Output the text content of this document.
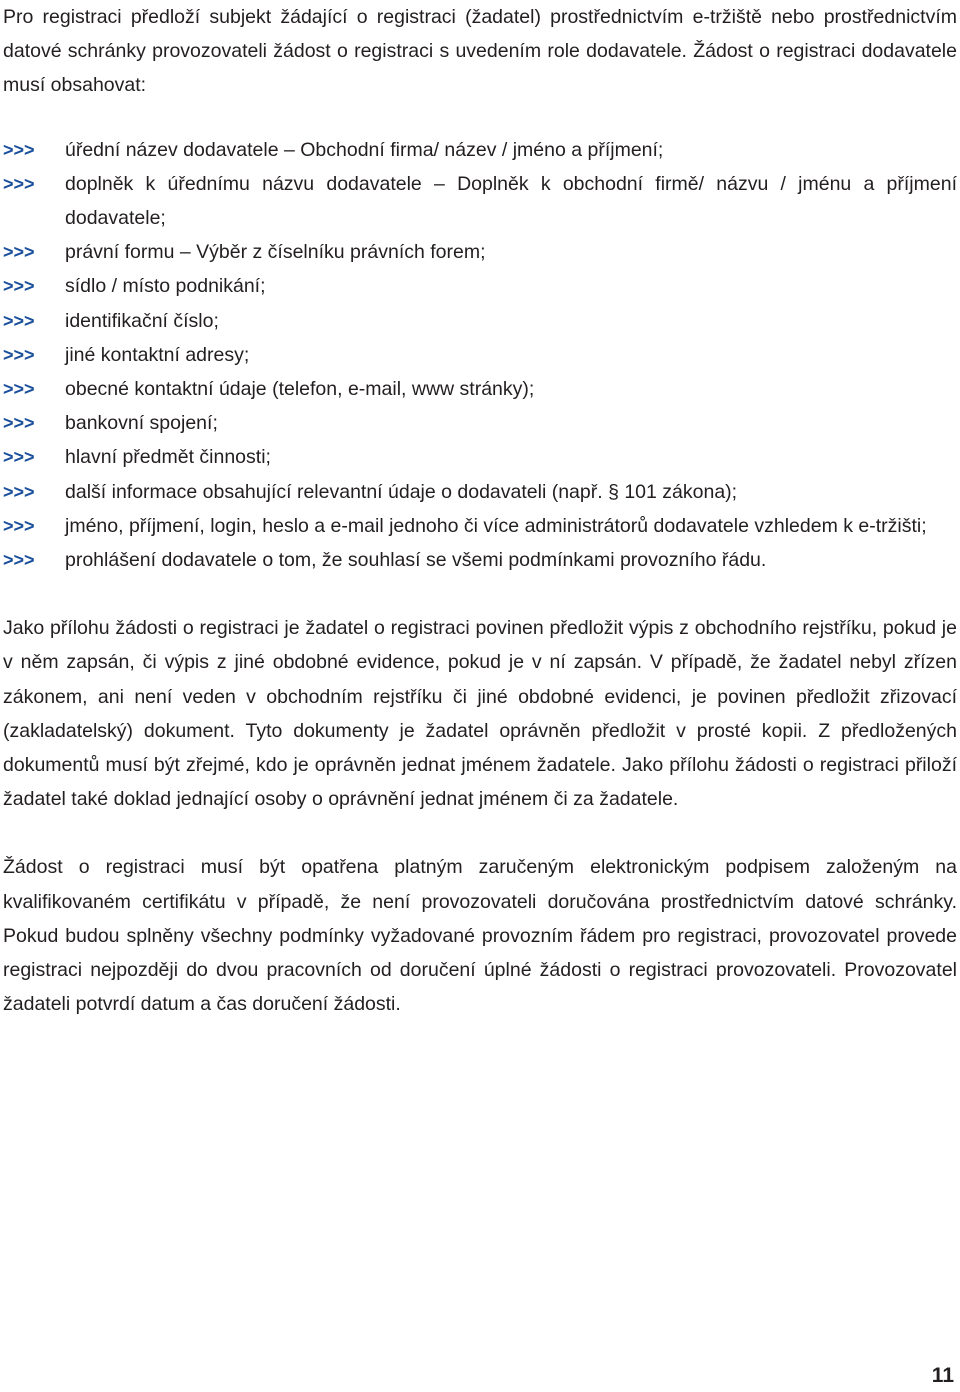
Pro registraci předloží subjekt žádající o registraci (žadatel) prostřednictvím e-tržiště nebo prostřednictvím datové schránky provozovateli žádost o registraci s uvedením role dodavatele. Žádost o registraci dodavatele musí obsahovat:

>>>	úřední název dodavatele – Obchodní firma/ název / jméno a příjmení;
>>>	doplněk k úřednímu názvu dodavatele – Doplněk k obchodní firmě/ názvu / jménu a příjmení dodavatele;
>>>	právní formu – Výběr z číselníku právních forem;
>>>	sídlo / místo podnikání;
>>>	identifikační číslo;
>>>	jiné kontaktní adresy;
>>>	obecné kontaktní údaje (telefon, e-mail, www stránky);
>>>	bankovní spojení;
>>>	hlavní předmět činnosti;
>>>	další informace obsahující relevantní údaje o dodavateli (např. § 101 zákona);
>>>	jméno, příjmení, login, heslo a e-mail jednoho či více administrátorů dodavatele vzhledem k e-tržišti;
>>>	prohlášení dodavatele o tom, že souhlasí se všemi podmínkami provozního řádu.

Jako přílohu žádosti o registraci je žadatel o registraci povinen předložit výpis z obchodního rejstříku, pokud je v něm zapsán, či výpis z jiné obdobné evidence, pokud je v ní zapsán. V případě, že žadatel nebyl zřízen zákonem, ani není veden v obchodním rejstříku či jiné obdobné evidenci, je povinen předložit zřizovací (zakladatelský) dokument. Tyto dokumenty je žadatel oprávněn předložit v prosté kopii. Z předložených dokumentů musí být zřejmé, kdo je oprávněn jednat jménem žadatele. Jako přílohu žádosti o registraci přiloží žadatel také doklad jednající osoby o oprávnění jednat jménem či za žadatele.

Žádost o registraci musí být opatřena platným zaručeným elektronickým podpisem založeným na kvalifikovaném certifikátu v případě, že není provozovateli doručována prostřednictvím datové schránky. Pokud budou splněny všechny podmínky vyžadované provozním řádem pro registraci, provozovatel provede registraci nejpozději do dvou pracovních od doručení úplné žádosti o registraci provozovateli. Provozovatel žadateli potvrdí datum a čas doručení žádosti.

11
